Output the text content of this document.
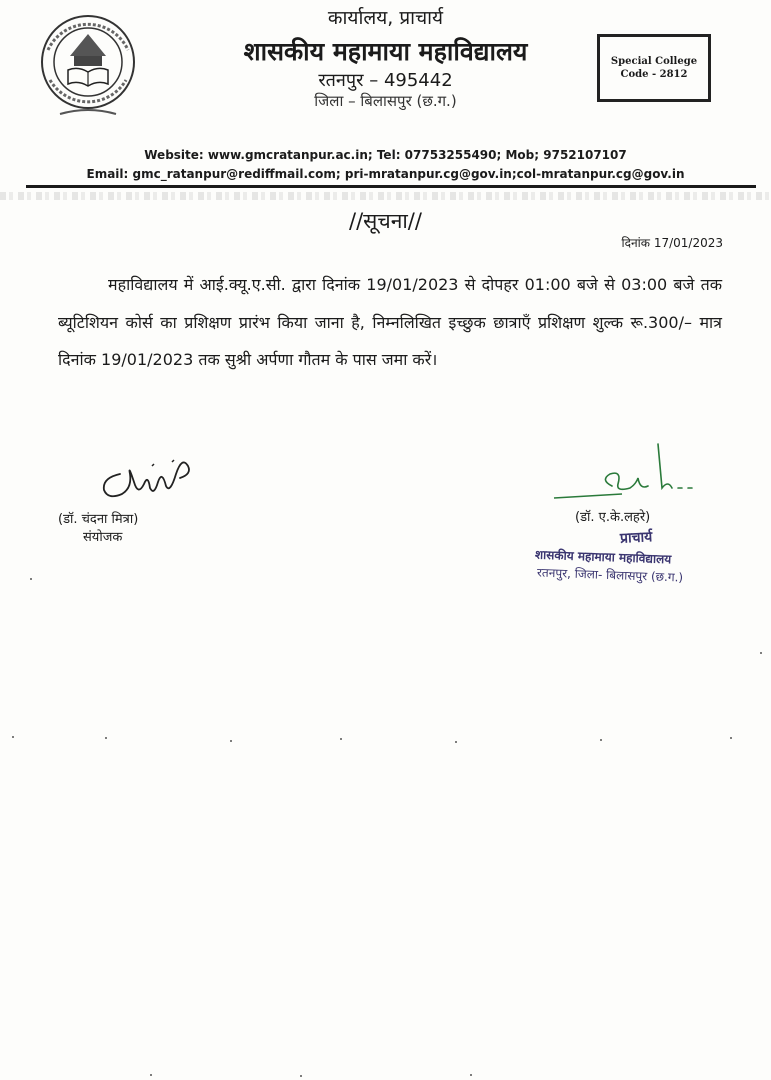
कार्यालय, प्राचार्य
शासकीय महामाया महाविद्यालय
रतनपुर – 495442
जिला – बिलासपुर (छ.ग.)
Special College
Code - 2812
Website: www.gmcratanpur.ac.in; Tel: 07753255490; Mob; 9752107107
Email: gmc_ratanpur@rediffmail.com; pri-mratanpur.cg@gov.in;col-mratanpur.cg@gov.in
//सूचना//
दिनांक 17/01/2023
महाविद्यालय में आई.क्यू.ए.सी. द्वारा दिनांक 19/01/2023 से दोपहर 01:00 बजे से 03:00 बजे तक ब्यूटिशियन कोर्स का प्रशिक्षण प्रारंभ किया जाना है, निम्नलिखित इच्छुक छात्राएँ प्रशिक्षण शुल्क रू.300/– मात्र दिनांक 19/01/2023 तक सुश्री अर्पणा गौतम के पास जमा करें।
(डॉ. चंदना मित्रा)
संयोजक
(डॉ. ए.के.लहरे)
प्राचार्य
शासकीय महामाया महाविद्यालय
रतनपुर, जिला- बिलासपुर (छ.ग.)
